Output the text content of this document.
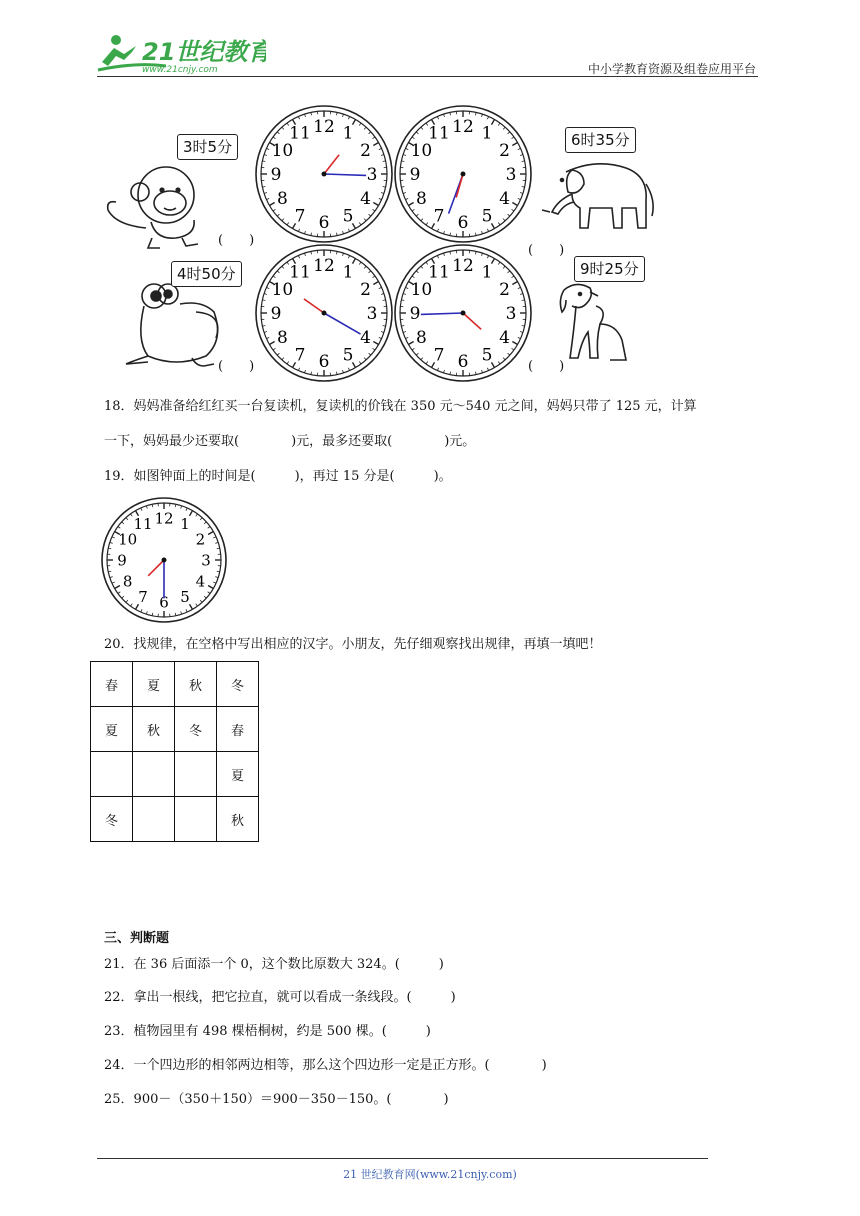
21世纪教育
www.21cnjy.com	中小学教育资源及组卷应用平台
3时5分	6时35分
4时50分	9时25分
(　　)
(　　)
(　　)	(　　)
12 1
2
3
4
5
6
7
8
9
10
11	12 1
2
3
4
5
6
7
8
9
10
11
12 1
2
3
4
5
6
7
8
9
10
11	12 1
2
3
4
5
6
7
8
9
10
11
18．妈妈准备给红红买一台复读机，复读机的价钱在 350 元～540 元之间，妈妈只带了 125 元，计算
一下，妈妈最少还要取(　　　　)元，最多还要取(　　　　)元。
19．如图钟面上的时间是(　　　)，再过 15 分是(　　　)。
12 1
2
3
4
5
6
7
8
9
10
11
20．找规律，在空格中写出相应的汉字。小朋友，先仔细观察找出规律，再填一填吧！
春	夏	秋	冬
夏	秋	冬	春
			夏
冬			秋
三、判断题
21．在 36 后面添一个 0，这个数比原数大 324。(　　　)
22．拿出一根线，把它拉直，就可以看成一条线段。(　　　)
23．植物园里有 498 棵梧桐树，约是 500 棵。(　　　)
24．一个四边形的相邻两边相等，那么这个四边形一定是正方形。(　　　　)
25．900－（350＋150）＝900－350－150。(　　　　)
21 世纪教育网(www.21cnjy.com)
